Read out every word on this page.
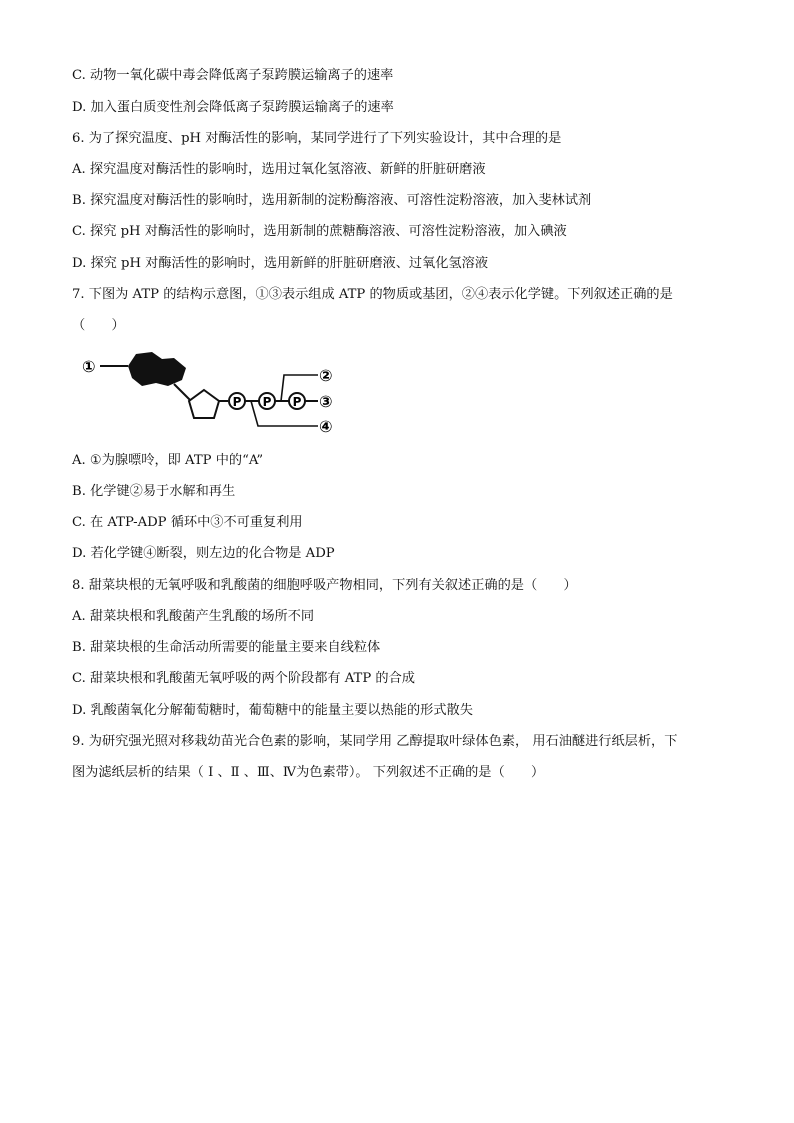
C. 动物一氧化碳中毒会降低离子泵跨膜运输离子的速率
D. 加入蛋白质变性剂会降低离子泵跨膜运输离子的速率
6. 为了探究温度、pH 对酶活性的影响，某同学进行了下列实验设计，其中合理的是
A. 探究温度对酶活性的影响时，选用过氧化氢溶液、新鲜的肝脏研磨液
B. 探究温度对酶活性的影响时，选用新制的淀粉酶溶液、可溶性淀粉溶液，加入斐林试剂
C. 探究 pH 对酶活性的影响时，选用新制的蔗糖酶溶液、可溶性淀粉溶液，加入碘液
D. 探究 pH 对酶活性的影响时，选用新鲜的肝脏研磨液、过氧化氢溶液
7. 下图为 ATP 的结构示意图，①③表示组成 ATP 的物质或基团，②④表示化学键。下列叙述正确的是
（　　）
①
P P P
②
③
④
A. ①为腺嘌呤，即 ATP 中的“A”
B. 化学键②易于水解和再生
C. 在 ATP-ADP 循环中③不可重复利用
D. 若化学键④断裂，则左边的化合物是 ADP
8. 甜菜块根的无氧呼吸和乳酸菌的细胞呼吸产物相同，下列有关叙述正确的是（　　）
A. 甜菜块根和乳酸菌产生乳酸的场所不同
B. 甜菜块根的生命活动所需要的能量主要来自线粒体
C. 甜菜块根和乳酸菌无氧呼吸的两个阶段都有 ATP 的合成
D. 乳酸菌氧化分解葡萄糖时，葡萄糖中的能量主要以热能的形式散失
9. 为研究强光照对移栽幼苗光合色素的影响，某同学用 乙醇提取叶绿体色素， 用石油醚进行纸层析，下
图为滤纸层析的结果（ Ⅰ 、Ⅱ 、Ⅲ、Ⅳ为色素带）。 下列叙述不正确的是（　　）
